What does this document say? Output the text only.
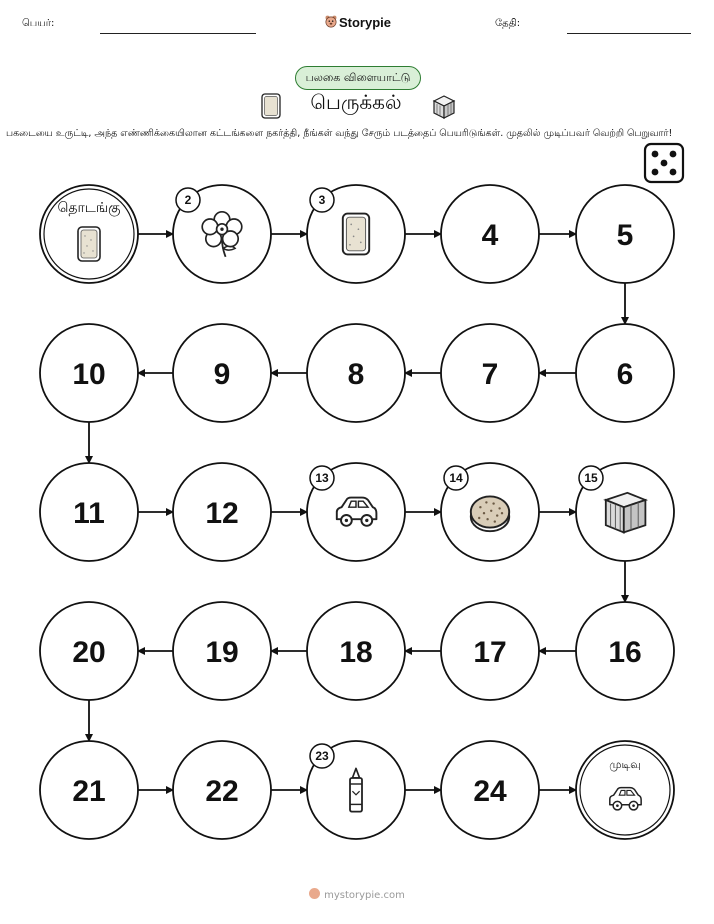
பெயர்:	Storypie	தேதி:
பலகை விளையாட்டு
பெருக்கல்
பகடையை உருட்டி, அந்த எண்ணிக்கையிலான கட்டங்களை நகர்த்தி, நீங்கள் வந்து சேரும் படத்தைப் பெயரிடுங்கள். முதலில் முடிப்பவர் வெற்றி பெறுவார்!
தொடங்கு	2	3
4	5
6
7
8
9
10
11	12
13	14	15
16
17
18
19
20
21	22
23
24
முடிவு
mystorypie.com
